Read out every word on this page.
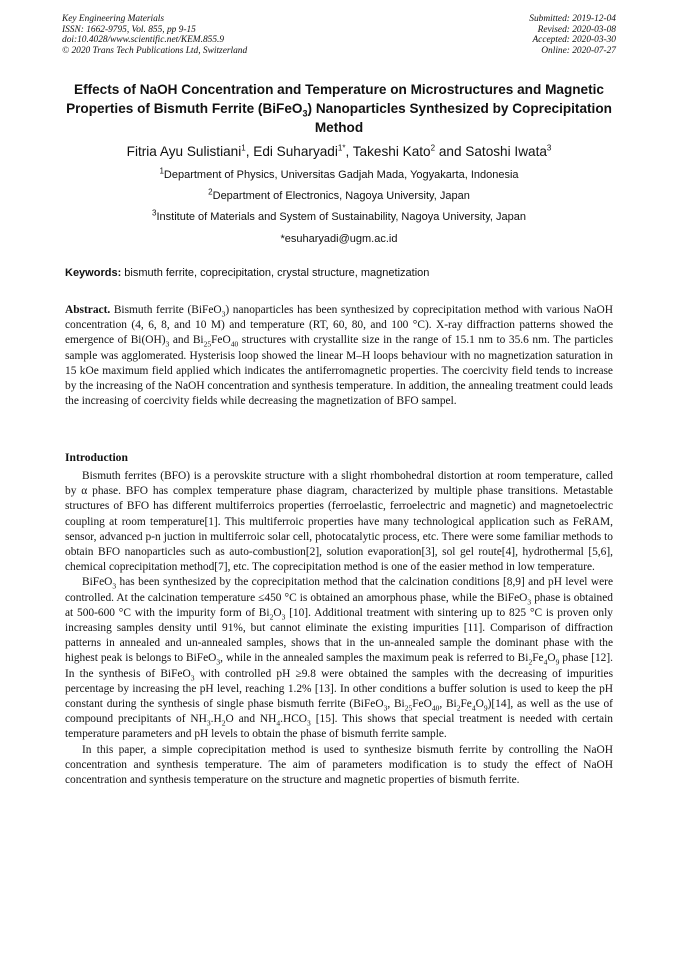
Key Engineering Materials
ISSN: 1662-9795, Vol. 855, pp 9-15
doi:10.4028/www.scientific.net/KEM.855.9
© 2020 Trans Tech Publications Ltd, Switzerland
Submitted: 2019-12-04
Revised: 2020-03-08
Accepted: 2020-03-30
Online: 2020-07-27
Effects of NaOH Concentration and Temperature on Microstructures and Magnetic Properties of Bismuth Ferrite (BiFeO$_3$) Nanoparticles Synthesized by Coprecipitation Method
Fitria Ayu Sulistiani$^1$, Edi Suharyadi$^{1*}$, Takeshi Kato$^2$ and Satoshi Iwata$^3$
$^1$Department of Physics, Universitas Gadjah Mada, Yogyakarta, Indonesia
$^2$Department of Electronics, Nagoya University, Japan
$^3$Institute of Materials and System of Sustainability, Nagoya University, Japan
*esuharyadi@ugm.ac.id
Keywords: bismuth ferrite, coprecipitation, crystal structure, magnetization

Abstract. Bismuth ferrite (BiFeO$_3$) nanoparticles has been synthesized by coprecipitation method with various NaOH concentration (4, 6, 8, and 10 M) and temperature (RT, 60, 80, and 100 °C). X-ray diffraction patterns showed the emergence of $Bi(OH)_3$ and $Bi_{25}FeO_{40}$ structures with crystallite size in the range of 15.1 nm to 35.6 nm. The particles sample was agglomerated. Hysterisis loop showed the linear M–H loops behaviour with no magnetization saturation in 15 kOe maximum field applied which indicates the antiferromagnetic properties. The coercivity field tends to increase by the increasing of the NaOH concentration and synthesis temperature. In addition, the annealing treatment could leads the increasing of coercivity fields while decreasing the magnetization of BFO sampel.

Introduction

Bismuth ferrites (BFO) is a perovskite structure with a slight rhombohedral distortion at room temperature, called by α phase. BFO has complex temperature phase diagram, characterized by multiple phase transitions. Metastable structures of BFO has different multiferroics properties (ferroelastic, ferroelectric and magnetic) and magnetoelectric coupling at room temperature[1]. This multiferroic properties have many technological application such as FeRAM, sensor, advanced p-n juction in multiferroic solar cell, photocatalytic process, etc. There were some familiar methods to obtain BFO nanoparticles such as auto-combustion[2], solution evaporation[3], sol gel route[4], hydrothermal [5,6], chemical coprecipitation method[7], etc. The coprecipitation method is one of the easier method in low temperature.

BiFeO$_3$ has been synthesized by the coprecipitation method that the calcination conditions [8,9] and pH level were controlled. At the calcination temperature ≤450 °C is obtained an amorphous phase, while the BiFeO$_3$ phase is obtained at 500-600 °C with the impurity form of $Bi_2O_3$ [10]. Additional treatment with sintering up to 825 °C is proven only increasing samples density until 91%, but cannot eliminate the existing impurities [11]. Comparison of diffraction patterns in annealed and un-annealed samples, shows that in the un-annealed sample the dominant phase with the highest peak is belongs to BiFeO$_3$, while in the annealed samples the maximum peak is referred to $Bi_2Fe_4O_9$ phase [12]. In the synthesis of BiFeO$_3$ with controlled pH ≥9.8 were obtained the samples with the decreasing of impurities percentage by increasing the pH level, reaching 1.2% [13]. In other conditions a buffer solution is used to keep the pH constant during the synthesis of single phase bismuth ferrite (BiFeO$_3$, $Bi_{25}FeO_{40}$, $Bi_2Fe_4O_9)[14]$, as well as the use of compound precipitants of $NH_3.H_2O$ and $NH_4.HCO_3$ [15]. This shows that special treatment is needed with certain temperature parameters and pH levels to obtain the phase of bismuth ferrite sample.

In this paper, a simple coprecipitation method is used to synthesize bismuth ferrite by controlling the NaOH concentration and synthesis temperature. The aim of parameters modification is to study the effect of NaOH concentration and synthesis temperature on the structure and magnetic properties of bismuth ferrite.
